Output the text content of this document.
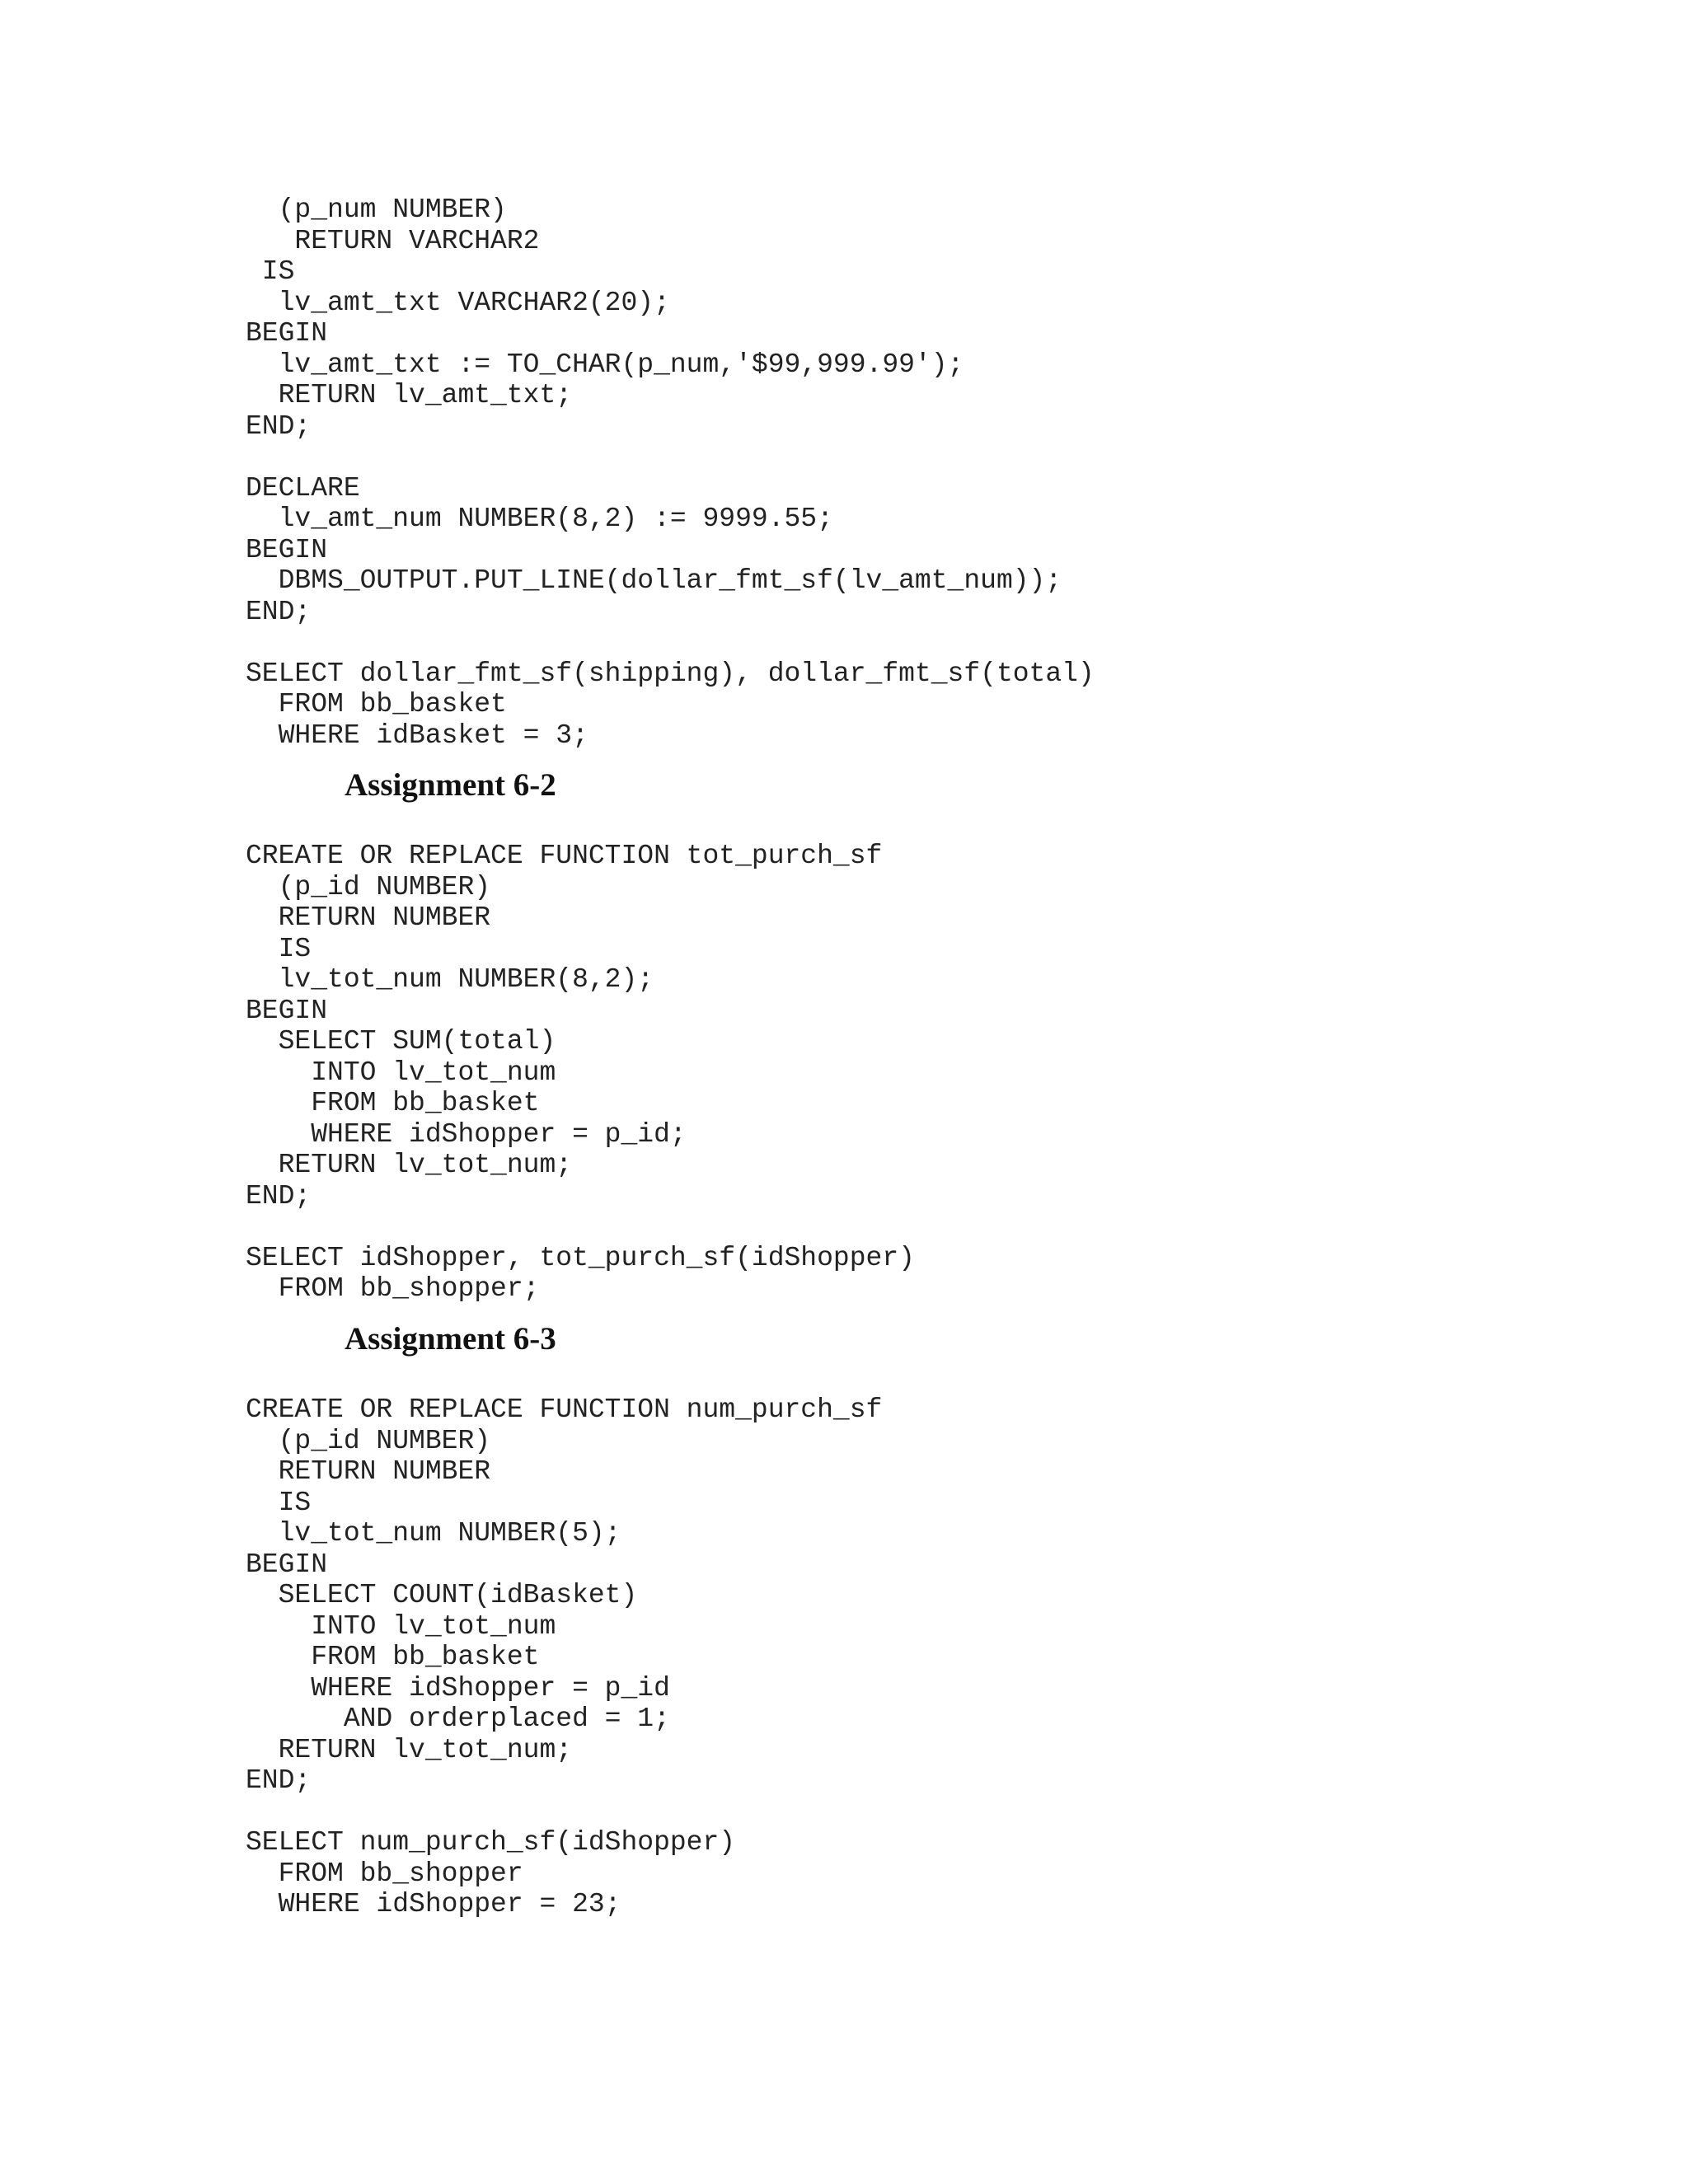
(p_num NUMBER)
RETURN VARCHAR2
IS
lv_amt_txt VARCHAR2(20);
BEGIN
lv_amt_txt := TO_CHAR(p_num,'$99,999.99');
RETURN lv_amt_txt;
END;
DECLARE
lv_amt_num NUMBER(8,2) := 9999.55;
BEGIN
DBMS_OUTPUT.PUT_LINE(dollar_fmt_sf(lv_amt_num));
END;
SELECT dollar_fmt_sf(shipping), dollar_fmt_sf(total)
FROM bb_basket
WHERE idBasket = 3;
Assignment 6-2
CREATE OR REPLACE FUNCTION tot_purch_sf
(p_id NUMBER)
RETURN NUMBER
IS
lv_tot_num NUMBER(8,2);
BEGIN
SELECT SUM(total)
INTO lv_tot_num
FROM bb_basket
WHERE idShopper = p_id;
RETURN lv_tot_num;
END;
SELECT idShopper, tot_purch_sf(idShopper)
FROM bb_shopper;
Assignment 6-3
CREATE OR REPLACE FUNCTION num_purch_sf
(p_id NUMBER)
RETURN NUMBER
IS
lv_tot_num NUMBER(5);
BEGIN
SELECT COUNT(idBasket)
INTO lv_tot_num
FROM bb_basket
WHERE idShopper = p_id
AND orderplaced = 1;
RETURN lv_tot_num;
END;
SELECT num_purch_sf(idShopper)
FROM bb_shopper
WHERE idShopper = 23;
